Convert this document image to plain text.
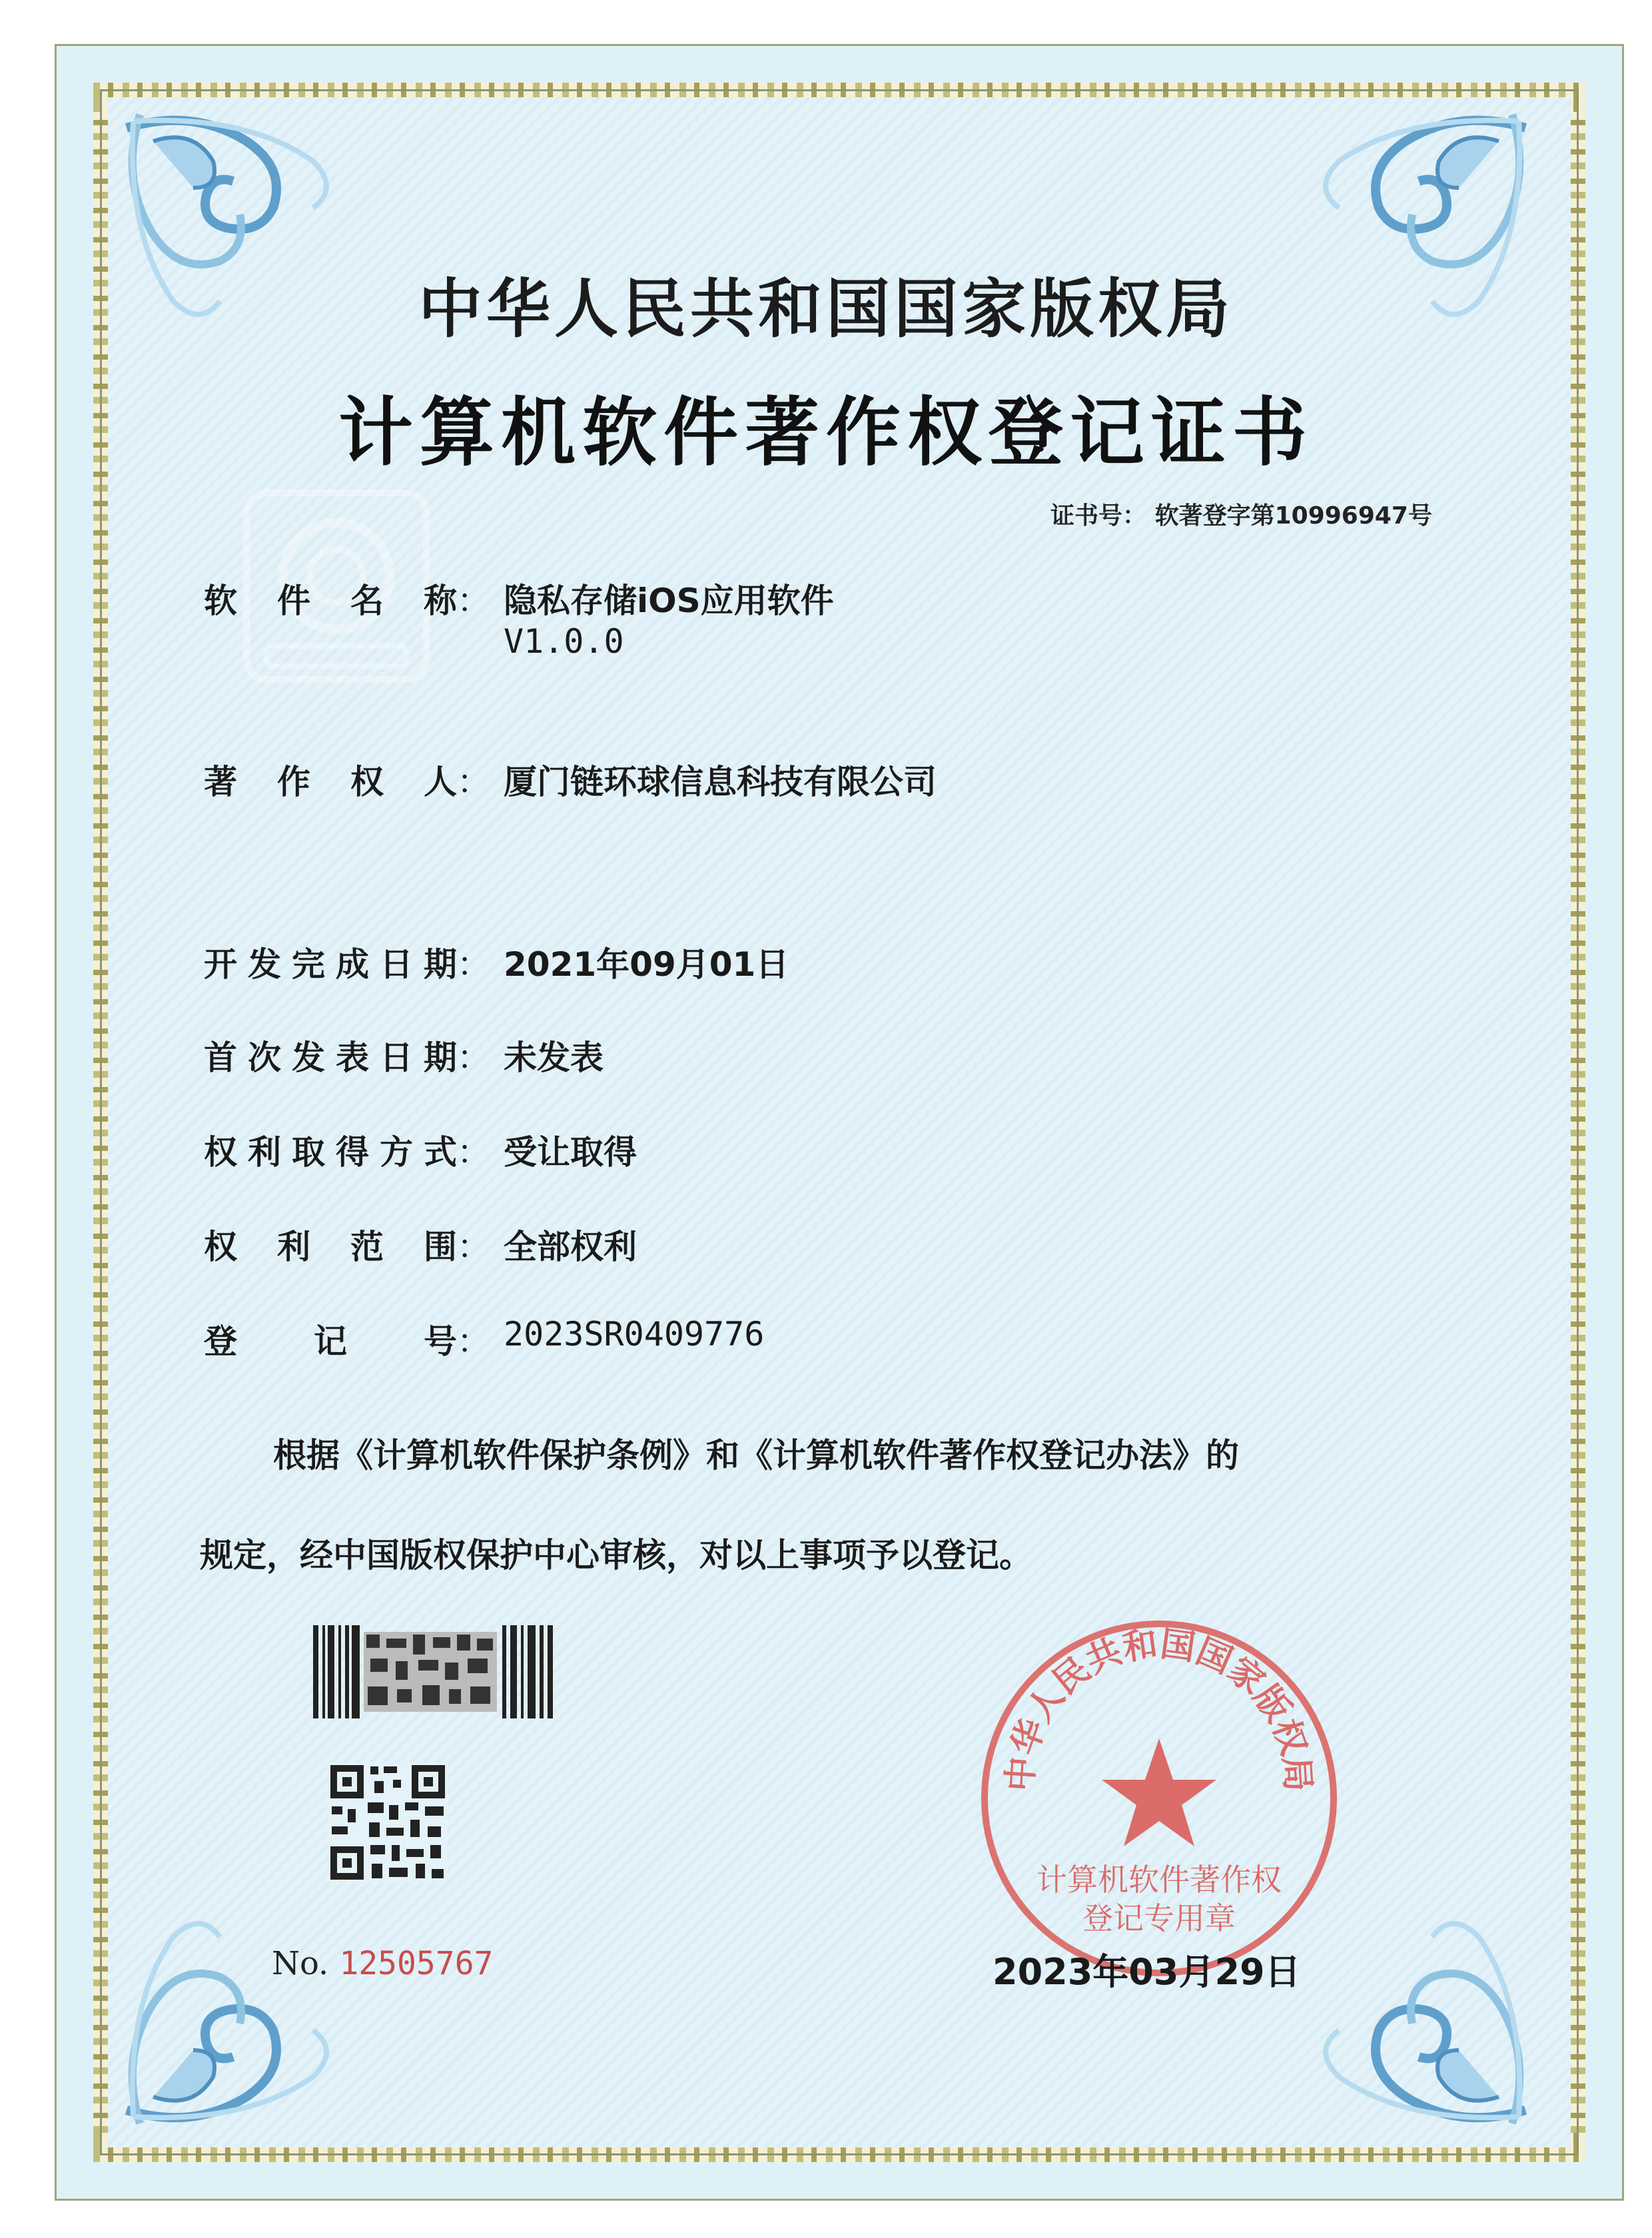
中华人民共和国国家版权局
计算机软件著作权登记证书
证书号： 软著登字第10996947号
软 件 名 称 ： 隐私存储iOS应用软件
V1.0.0
著 作 权 人 ： 厦门链环球信息科技有限公司
开 发 完 成 日 期 ： 2021年09月01日
首 次 发 表 日 期 ： 未发表
权 利 取 得 方 式 ： 受让取得
权 利 范 围 ： 全部权利
登 记 号 ： 2023SR0409776
根据《计算机软件保护条例》和《计算机软件著作权登记办法》的
规定，经中国版权保护中心审核，对以上事项予以登记。
No. 12505767
中华人民共和国国家版权局
计算机软件著作权
登记专用章
2023年03月29日
